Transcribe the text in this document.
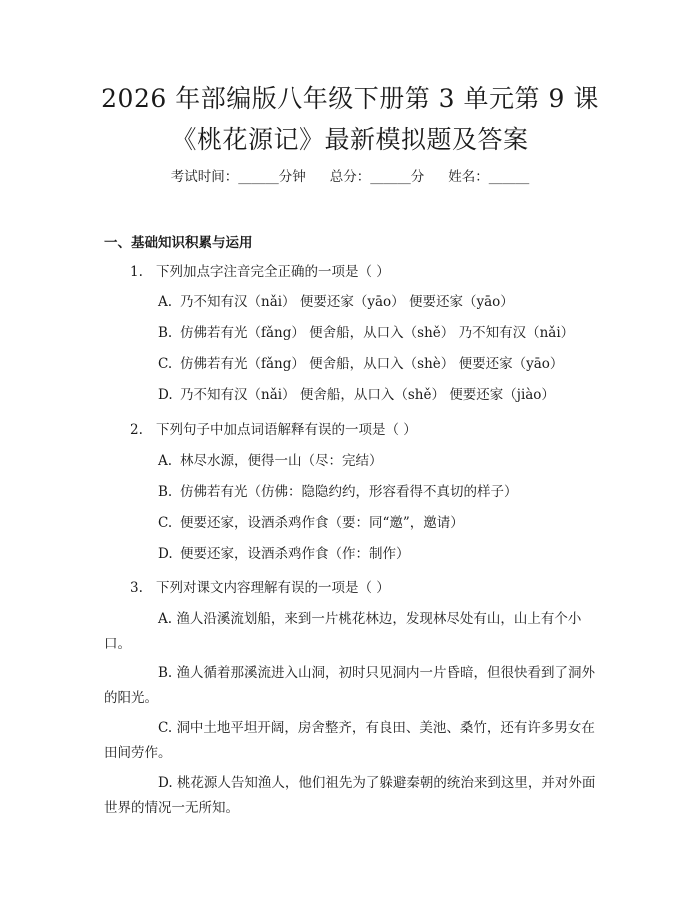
2026 年部编版八年级下册第 3 单元第 9 课
《桃花源记》最新模拟题及答案
考试时间：______分钟 总分：______分 姓名：______
一、基础知识积累与运用
1. 下列加点字注音完全正确的一项是（ ）
A. 乃不知有汉（nǎi） 便要还家（yāo） 便要还家（yāo）
B. 仿佛若有光（fǎng） 便舍船，从口入（shě） 乃不知有汉（nǎi）
C. 仿佛若有光（fǎng） 便舍船，从口入（shè） 便要还家（yāo）
D. 乃不知有汉（nǎi） 便舍船，从口入（shě） 便要还家（jiào）
2. 下列句子中加点词语解释有误的一项是（ ）
A. 林尽水源，便得一山（尽：完结）
B. 仿佛若有光（仿佛：隐隐约约，形容看得不真切的样子）
C. 便要还家，设酒杀鸡作食（要：同“邀”，邀请）
D. 便要还家，设酒杀鸡作食（作：制作）
3. 下列对课文内容理解有误的一项是（ ）

A. 渔人沿溪流划船，来到一片桃花林边，发现林尽处有山，山上有个小口。

B. 渔人循着那溪流进入山洞，初时只见洞内一片昏暗，但很快看到了洞外的阳光。

C. 洞中土地平坦开阔，房舍整齐，有良田、美池、桑竹，还有许多男女在田间劳作。

D. 桃花源人告知渔人，他们祖先为了躲避秦朝的统治来到这里，并对外面世界的情况一无所知。
